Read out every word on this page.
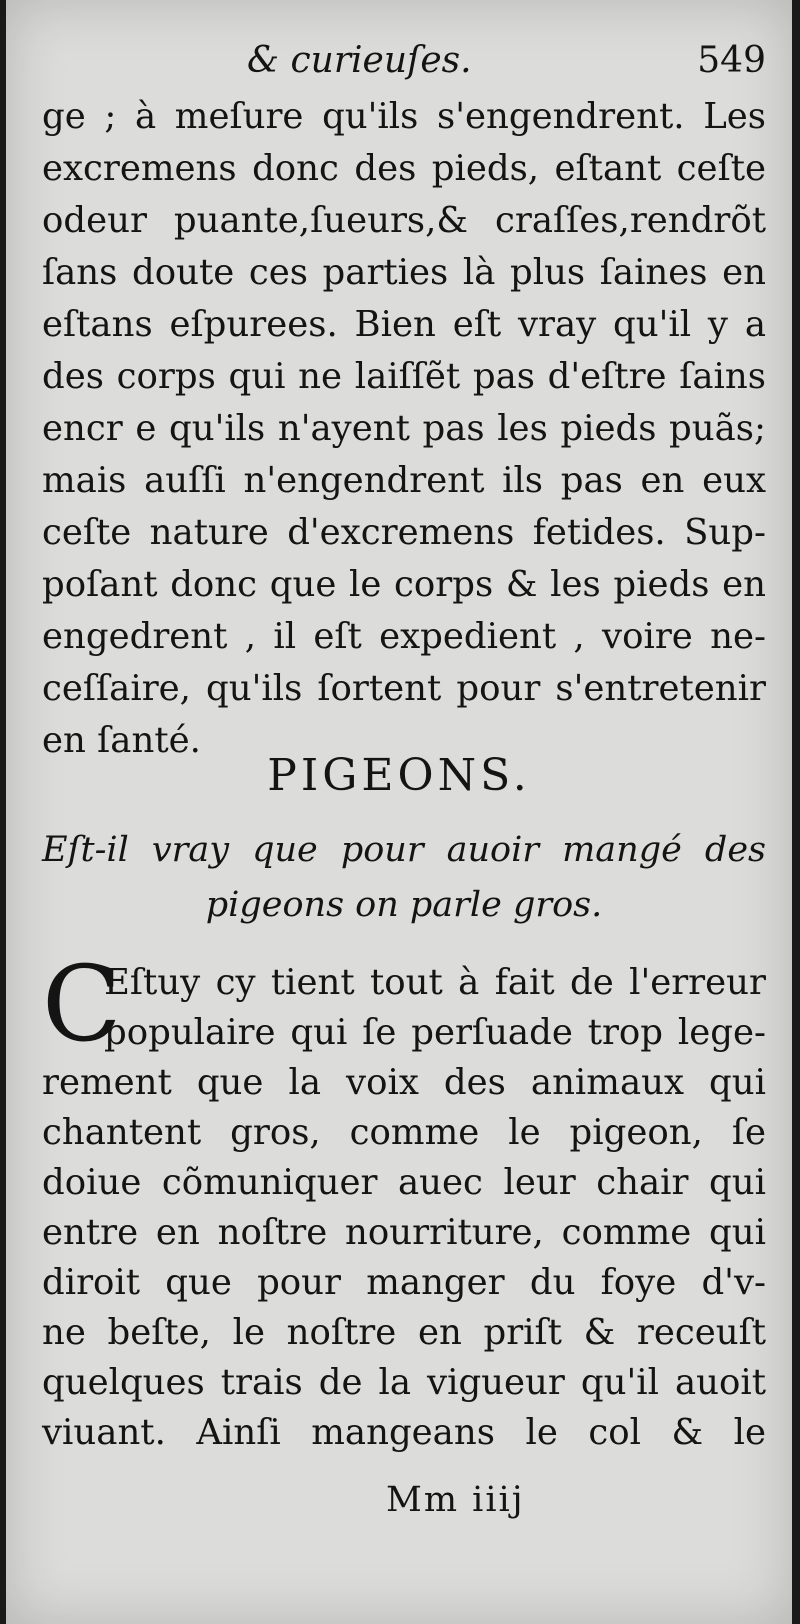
& curieuſes.	549
ge ; à meſure qu'ils s'engendrent. Les
excremens donc des pieds, eſtant ceſte
odeur puante,ſueurs,& craſſes,rendrõt
ſans doute ces parties là plus ſaines en
eſtans eſpurees. Bien eſt vray qu'il y a
des corps qui ne laiſſẽt pas d'eſtre ſains
encr e qu'ils n'ayent pas les pieds puãs;
mais auſſi n'engendrent ils pas en eux
ceſte nature d'excremens fetides. Sup-
poſant donc que le corps & les pieds en
engedrent , il eſt expedient , voire ne-
ceſſaire, qu'ils ſortent pour s'entretenir
en ſanté.
PIGEONS.
Eſt-il vray que pour auoir mangé des
pigeons on parle gros.
C
Eſtuy cy tient tout à fait de l'erreur
populaire qui ſe perſuade trop lege-
rement que la voix des animaux qui
chantent gros, comme le pigeon, ſe
doiue cõmuniquer auec leur chair qui
entre en noſtre nourriture, comme qui
diroit que pour manger du foye d'v-
ne beſte, le noſtre en priſt & receuſt
quelques trais de la vigueur qu'il auoit
viuant. Ainſi mangeans le col & le
Mm iiij
